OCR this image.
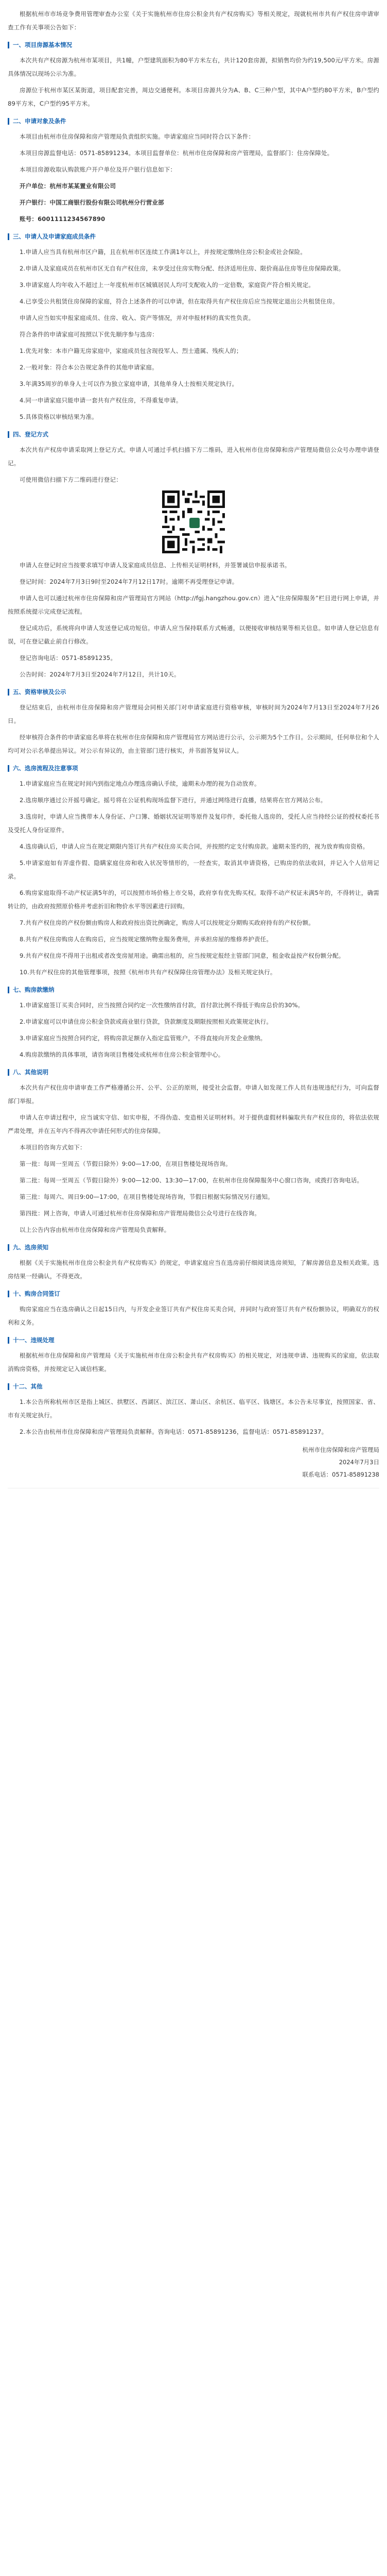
根据杭州市市场竞争费用管理审查办公室《关于实施杭州市住房公积金共有产权房购买》等相关规定，现就杭州市共有产权住房申请审查工作有关事项公告如下：

一、项目房源基本情况

本次共有产权房源为杭州市某项目，共1幢，户型建筑面积为80平方米左右，共计120套房源，拟销售均价为约19,500元/平方米。房源具体情况以现场公示为准。

房源位于杭州市某区某街道，项目配套完善，周边交通便利。本项目房源共分为A、B、C三种户型，其中A户型约80平方米，B户型约89平方米，C户型约95平方米。

二、申请对象及条件

本项目由杭州市住房保障和房产管理局负责组织实施。申请家庭应当同时符合以下条件：

本项目房源监督电话：0571-85891234。本项目监督单位：杭州市住房保障和房产管理局，监督部门：住房保障处。

本项目房源收取认购款账户开户单位及开户银行信息如下：

开户单位：杭州市某某置业有限公司

开户银行：中国工商银行股份有限公司杭州分行营业部

账号：6001111234567890

三、申请人及申请家庭成员条件

1.申请人应当具有杭州市区户籍，且在杭州市区连续工作满1年以上，并按规定缴纳住房公积金或社会保险。

2.申请人及家庭成员在杭州市区无自有产权住房，未享受过住房实物分配、经济适用住房、限价商品住房等住房保障政策。

3.申请家庭人均年收入不超过上一年度杭州市区城镇居民人均可支配收入的一定倍数，家庭资产符合相关规定。

4.已享受公共租赁住房保障的家庭，符合上述条件的可以申请，但在取得共有产权住房后应当按规定退出公共租赁住房。

申请人应当如实申报家庭成员、住房、收入、资产等情况，并对申报材料的真实性负责。

符合条件的申请家庭可按照以下优先顺序参与选房：

1.优先对象：本市户籍无房家庭中，家庭成员包含现役军人、烈士遗属、残疾人的；

2.一般对象：符合本公告规定条件的其他申请家庭。

3.年满35周岁的单身人士可以作为独立家庭申请，其他单身人士按相关规定执行。

4.同一申请家庭只能申请一套共有产权住房，不得重复申请。

5.具体资格以审核结果为准。

四、登记方式

本次共有产权房申请采取网上登记方式。申请人可通过手机扫描下方二维码，进入杭州市住房保障和房产管理局微信公众号办理申请登记。

可使用微信扫描下方二维码进行登记：

申请人在登记时应当按要求填写申请人及家庭成员信息、上传相关证明材料，并签署诚信申报承诺书。

登记时间：2024年7月3日9时至2024年7月12日17时。逾期不再受理登记申请。

申请人也可以通过杭州市住房保障和房产管理局官方网站（http://fgj.hangzhou.gov.cn）进入“住房保障服务”栏目进行网上申请，并按照系统提示完成登记流程。

登记成功后，系统将向申请人发送登记成功短信。申请人应当保持联系方式畅通，以便接收审核结果等相关信息。如申请人登记信息有误，可在登记截止前自行修改。

登记咨询电话：0571-85891235。

公告时间：2024年7月3日至2024年7月12日，共计10天。

五、资格审核及公示

登记结束后，由杭州市住房保障和房产管理局会同相关部门对申请家庭进行资格审核，审核时间为2024年7月13日至2024年7月26日。

经审核符合条件的申请家庭名单将在杭州市住房保障和房产管理局官方网站进行公示，公示期为5个工作日。公示期间，任何单位和个人均可对公示名单提出异议。对公示有异议的，由主管部门进行核实，并书面答复异议人。

六、选房流程及注意事项

1.申请家庭应当在规定时间内到指定地点办理选房确认手续，逾期未办理的视为自动放弃。

2.选房顺序通过公开摇号确定。摇号将在公证机构现场监督下进行，并通过网络进行直播，结果将在官方网站公布。

3.选房时，申请人应当携带本人身份证、户口簿、婚姻状况证明等原件及复印件，委托他人选房的，受托人应当持经公证的授权委托书及受托人身份证原件。

4.选房确认后，申请人应当在规定期限内签订共有产权住房买卖合同，并按照约定支付购房款。逾期未签约的，视为放弃购房资格。

5.申请家庭如有弄虚作假、隐瞒家庭住房和收入状况等情形的，一经查实，取消其申请资格，已购房的依法收回，并记入个人信用记录。

6.购房家庭取得不动产权证满5年的，可以按照市场价格上市交易，政府享有优先购买权。取得不动产权证未满5年的，不得转让，确需转让的，由政府按照原价格并考虑折旧和物价水平等因素进行回购。

7.共有产权住房的产权份额由购房人和政府按出资比例确定，购房人可以按规定分期购买政府持有的产权份额。

8.共有产权住房购房人在购房后，应当按规定缴纳物业服务费用，并承担房屋的维修养护责任。

9.共有产权住房不得用于出租或者改变房屋用途。确需出租的，应当按规定报经主管部门同意，租金收益按产权份额分配。

10.共有产权住房的其他管理事项，按照《杭州市共有产权保障住房管理办法》及相关规定执行。

七、购房款缴纳

1.申请家庭签订买卖合同时，应当按照合同约定一次性缴纳首付款，首付款比例不得低于购房总价的30%。

2.申请家庭可以申请住房公积金贷款或商业银行贷款，贷款额度及期限按照相关政策规定执行。

3.申请家庭应当按照合同约定，将购房款足额存入指定监管账户，不得直接向开发企业缴纳。

4.购房款缴纳的具体事项，请咨询项目售楼处或杭州市住房公积金管理中心。

八、其他说明

本次共有产权住房申请审查工作严格遵循公开、公平、公正的原则，接受社会监督。申请人如发现工作人员有违规违纪行为，可向监督部门举报。

申请人在申请过程中，应当诚实守信、如实申报，不得伪造、变造相关证明材料。对于提供虚假材料骗取共有产权住房的，将依法依规严肃处理，并在五年内不得再次申请任何形式的住房保障。

本项目的咨询方式如下：

第一批：每周一至周五（节假日除外）9:00—17:00，在项目售楼处现场咨询。

第二批：每周一至周五（节假日除外）9:00—12:00、13:30—17:00，在杭州市住房保障服务中心窗口咨询，或拨打咨询电话。

第三批：每周六、周日9:00—17:00，在项目售楼处现场咨询，节假日根据实际情况另行通知。

第四批：网上咨询，申请人可通过杭州市住房保障和房产管理局微信公众号进行在线咨询。

以上公告内容由杭州市住房保障和房产管理局负责解释。

九、选房须知

根据《关于实施杭州市住房公积金共有产权房购买》的规定，申请家庭应当在选房前仔细阅读选房须知，了解房源信息及相关政策。选房结果一经确认，不得更改。

十、购房合同签订

购房家庭应当在选房确认之日起15日内，与开发企业签订共有产权住房买卖合同，并同时与政府签订共有产权份额协议，明确双方的权利和义务。

十一、违规处理

根据杭州市住房保障和房产管理局《关于实施杭州市住房公积金共有产权房购买》的相关规定，对违规申请、违规购买的家庭，依法取消购房资格，并按规定记入诚信档案。

十二、其他

1.本公告所称杭州市区是指上城区、拱墅区、西湖区、滨江区、萧山区、余杭区、临平区、钱塘区。本公告未尽事宜，按照国家、省、市有关规定执行。

2.本公告由杭州市住房保障和房产管理局负责解释。咨询电话：0571-85891236，监督电话：0571-85891237。

杭州市住房保障和房产管理局
2024年7月3日
联系电话：0571-85891238
